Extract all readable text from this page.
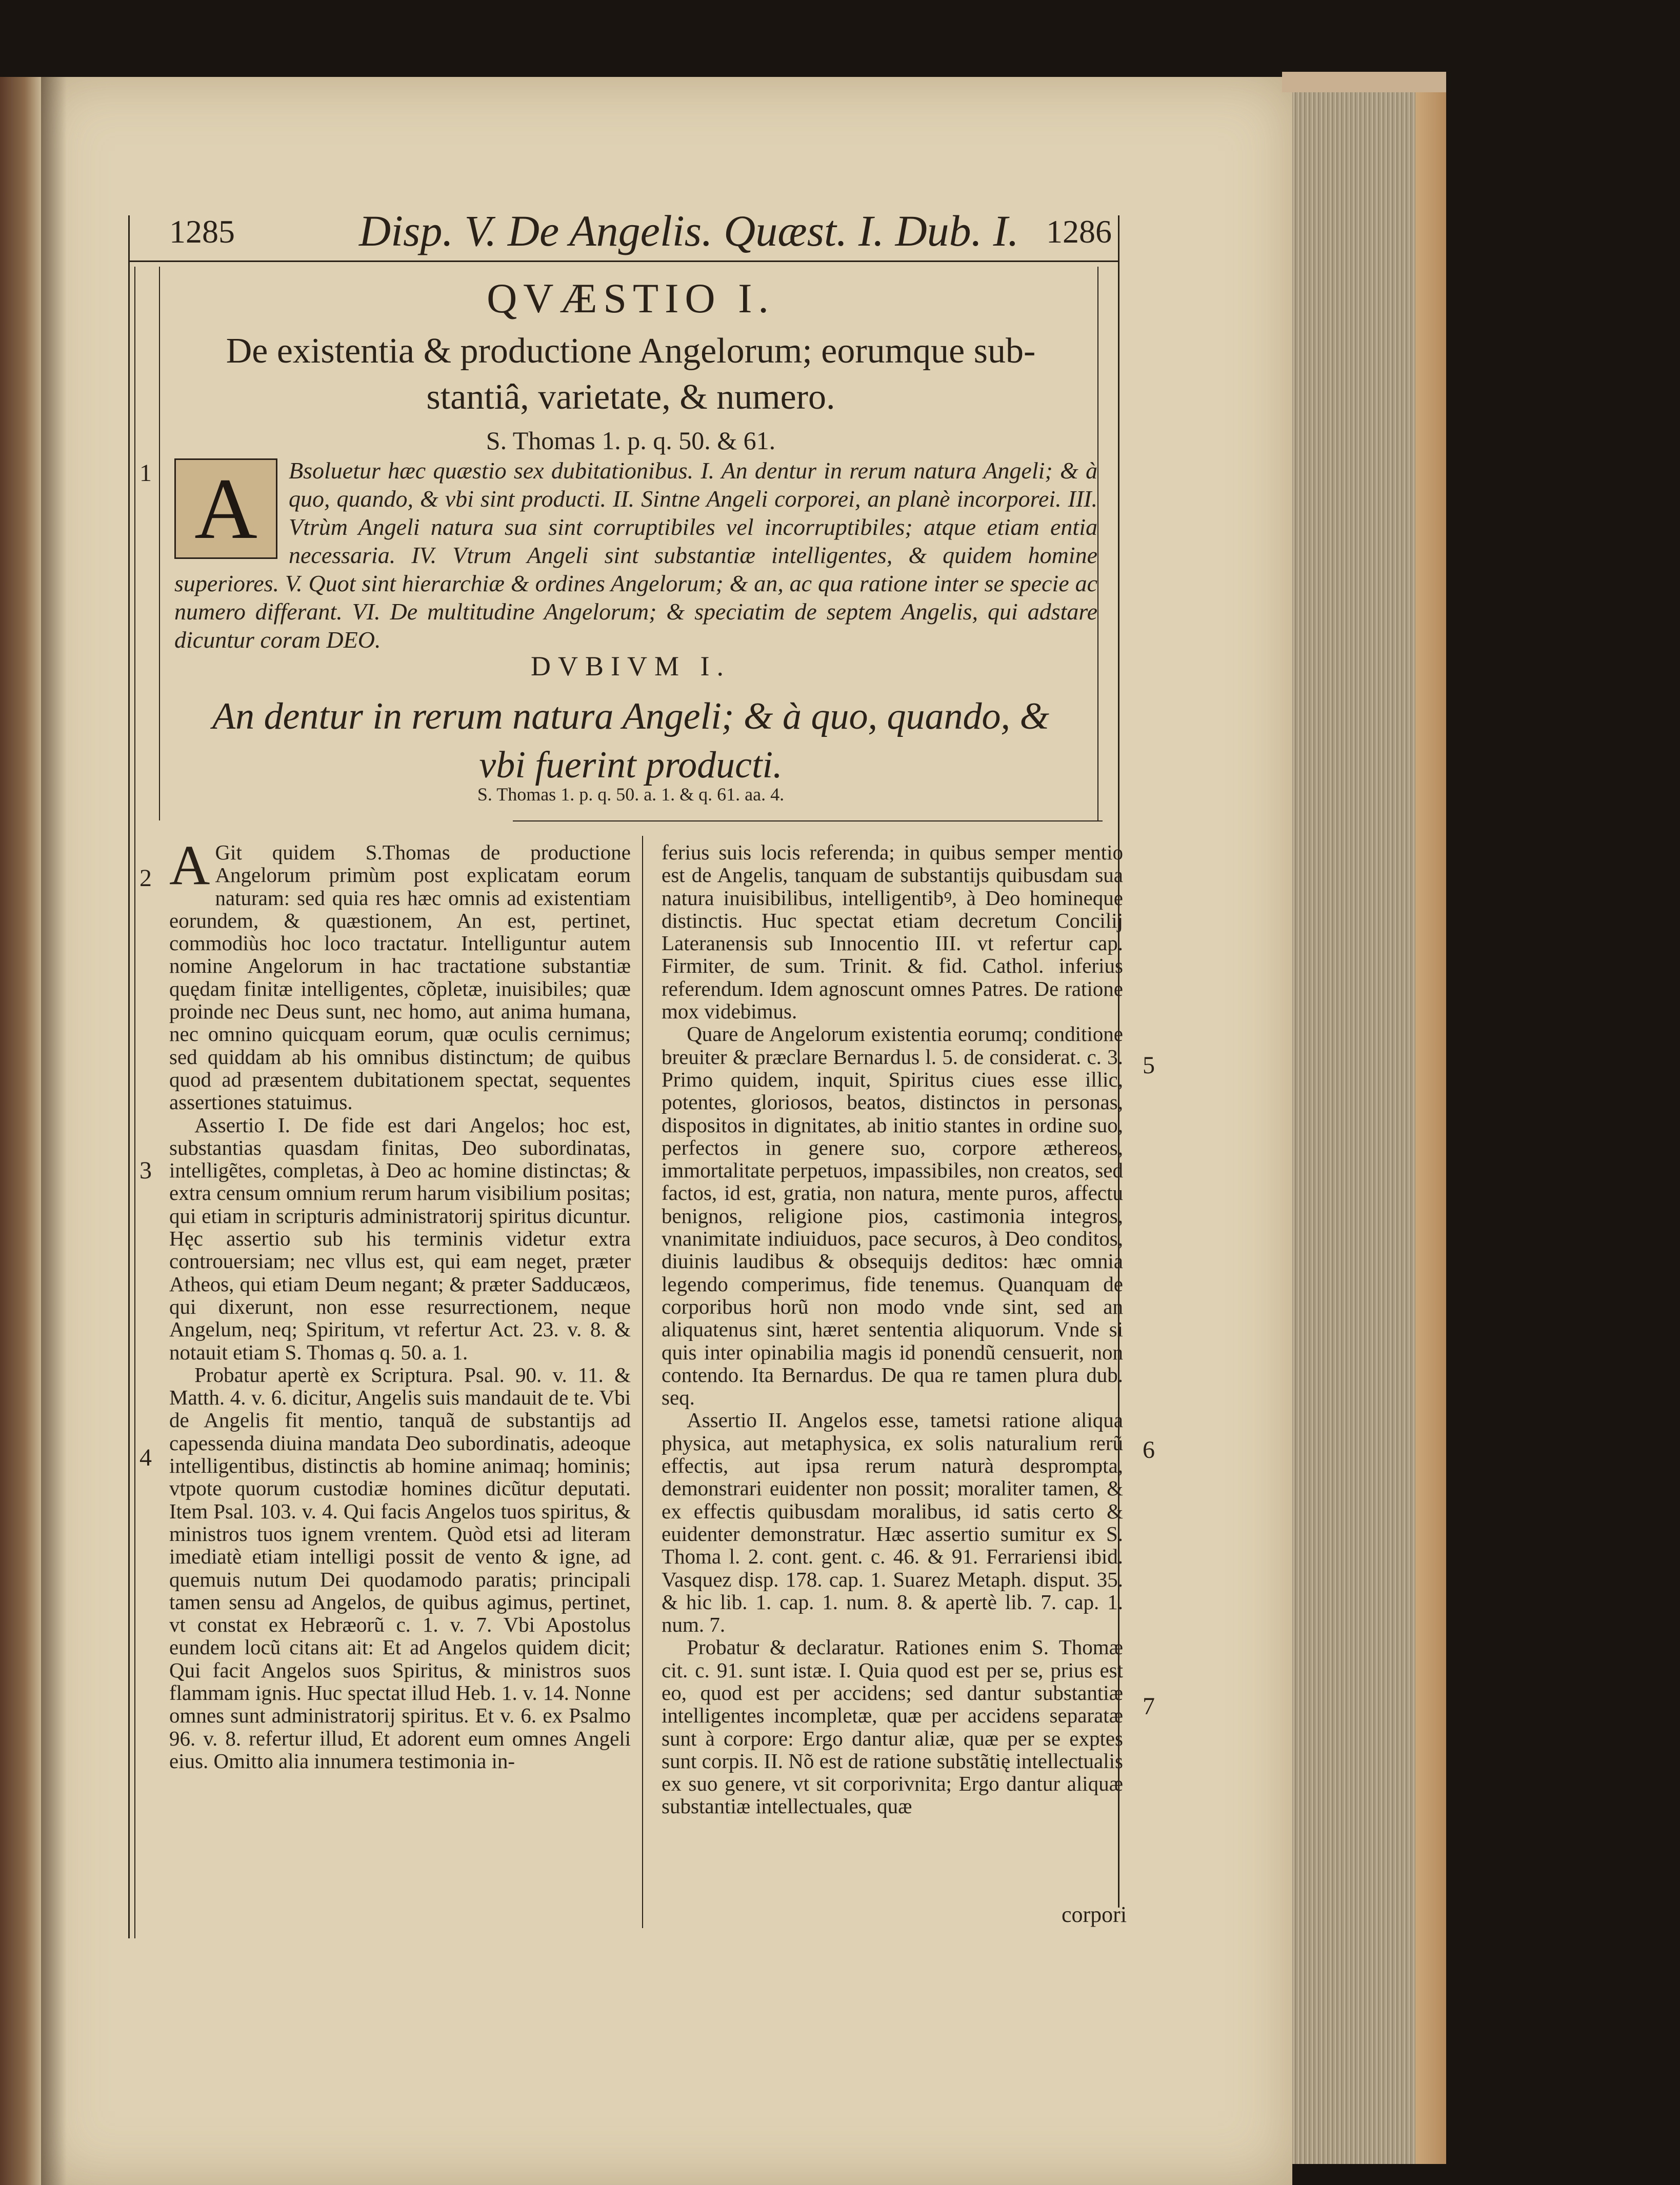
1285	Disp. V. De Angelis. Quæst. I. Dub. I. 1286
QVÆSTIO I.
De existentia & productione Angelorum; eorumque sub-
stantiâ, varietate, & numero.
S. Thomas 1. p. q. 50. & 61.
A	Bsoluetur hæc quæstio sex dubitationibus. I. An dentur in rerum natura Angeli; & à quo, quando, & vbi sint producti. II. Sintne Angeli corporei, an planè incorporei. III. Vtrùm Angeli natura sua sint corruptibiles vel incorruptibiles; atque etiam entia necessaria. IV. Vtrum Angeli sint substantiæ intelligentes, & quidem homine superiores. V. Quot sint hierarchiæ & ordines Angelorum; & an, ac qua ratione inter se specie ac numero differant. VI. De multitudine Angelorum; & speciatim de septem Angelis, qui adstare dicuntur coram DEO.
DVBIVM I.
An dentur in rerum natura Angeli; & à quo, quando, &
vbi fuerint producti.
S. Thomas 1. p. q. 50. a. 1. & q. 61. aa. 4.

A Git quidem S.Thomas de productione Angelorum primùm post explicatam eorum naturam: sed quia res hæc omnis ad existentiam eorundem, & quæstionem, An est, pertinet, commodiùs hoc loco tractatur. Intelliguntur autem nomine Angelorum in hac tractatione substantiæ quędam finitæ intelligentes, cõpletæ, inuisibiles; quæ proinde nec Deus sunt, nec homo, aut anima humana, nec omnino quicquam eorum, quæ oculis cernimus; sed quiddam ab his omnibus distinctum; de quibus quod ad præsentem dubitationem spectat, sequentes assertiones statuimus.

Assertio I. De fide est dari Angelos; hoc est, substantias quasdam finitas, Deo subordinatas, intelligẽtes, completas, à Deo ac homine distinctas; & extra censum omnium rerum harum visibilium positas; qui etiam in scripturis administratorij spiritus dicuntur. Hęc assertio sub his terminis videtur extra controuersiam; nec vllus est, qui eam neget, præter Atheos, qui etiam Deum negant; & præter Sadducæos, qui dixerunt, non esse resurrectionem, neque Angelum, neq; Spiritum, vt refertur Act. 23. v. 8. & notauit etiam S. Thomas q. 50. a. 1.

Probatur apertè ex Scriptura. Psal. 90. v. 11. & Matth. 4. v. 6. dicitur, Angelis suis mandauit de te. Vbi de Angelis fit mentio, tanquã de substantijs ad capessenda diuina mandata Deo subordinatis, adeoque intelligentibus, distinctis ab homine animaq; hominis; vtpote quorum custodiæ homines dicũtur deputati. Item Psal. 103. v. 4. Qui facis Angelos tuos spiritus, & ministros tuos ignem vrentem. Quòd etsi ad literam imediatè etiam intelligi possit de vento & igne, ad quemuis nutum Dei quodamodo paratis; principali tamen sensu ad Angelos, de quibus agimus, pertinet, vt constat ex Hebræorũ c. 1. v. 7. Vbi Apostolus eundem locũ citans ait: Et ad Angelos quidem dicit; Qui facit Angelos suos Spiritus, & ministros suos flammam ignis. Huc spectat illud Heb. 1. v. 14. Nonne omnes sunt administratorij spiritus. Et v. 6. ex Psalmo 96. v. 8. refertur illud, Et adorent eum omnes Angeli eius. Omitto alia innumera testimonia in-

ferius suis locis referenda; in quibus semper mentio est de Angelis, tanquam de substantijs quibusdam sua natura inuisibilibus, intelligentibꝰ, à Deo homineque distinctis. Huc spectat etiam decretum Concilij Lateranensis sub Innocentio III. vt refertur cap. Firmiter, de sum. Trinit. & fid. Cathol. inferius referendum. Idem agnoscunt omnes Patres. De ratione mox videbimus.

Quare de Angelorum existentia eorumq; conditione breuiter & præclare Bernardus l. 5. de considerat. c. 3. Primo quidem, inquit, Spiritus ciues esse illic, potentes, gloriosos, beatos, distinctos in personas, dispositos in dignitates, ab initio stantes in ordine suo, perfectos in genere suo, corpore æthereos, immortalitate perpetuos, impassibiles, non creatos, sed factos, id est, gratia, non natura, mente puros, affectu benignos, religione pios, castimonia integros, vnanimitate indiuiduos, pace securos, à Deo conditos, diuinis laudibus & obsequijs deditos: hæc omnia legendo comperimus, fide tenemus. Quanquam de corporibus horũ non modo vnde sint, sed an aliquatenus sint, hæret sententia aliquorum. Vnde si quis inter opinabilia magis id ponendũ censuerit, non contendo. Ita Bernardus. De qua re tamen plura dub. seq.

Assertio II. Angelos esse, tametsi ratione aliqua physica, aut metaphysica, ex solis naturalium rerũ effectis, aut ipsa rerum naturà desprompta, demonstrari euidenter non possit; moraliter tamen, & ex effectis quibusdam moralibus, id satis certo & euidenter demonstratur. Hæc assertio sumitur ex S. Thoma l. 2. cont. gent. c. 46. & 91. Ferrariensi ibid. Vasquez disp. 178. cap. 1. Suarez Metaph. disput. 35. & hic lib. 1. cap. 1. num. 8. & apertè lib. 7. cap. 1. num. 7.

Probatur & declaratur. Rationes enim S. Thomæ cit. c. 91. sunt istæ. I. Quia quod est per se, prius est eo, quod est per accidens; sed dantur substantiæ intelligentes incompletæ, quæ per accidens separatæ sunt à corpore: Ergo dantur aliæ, quæ per se exptes sunt corpis. II. Nõ est de ratione substãtię intellectualis ex suo genere, vt sit corporivnita; Ergo dantur aliquæ substantiæ intellectuales, quæ

corpori
1
2
3
4
5
6
7
